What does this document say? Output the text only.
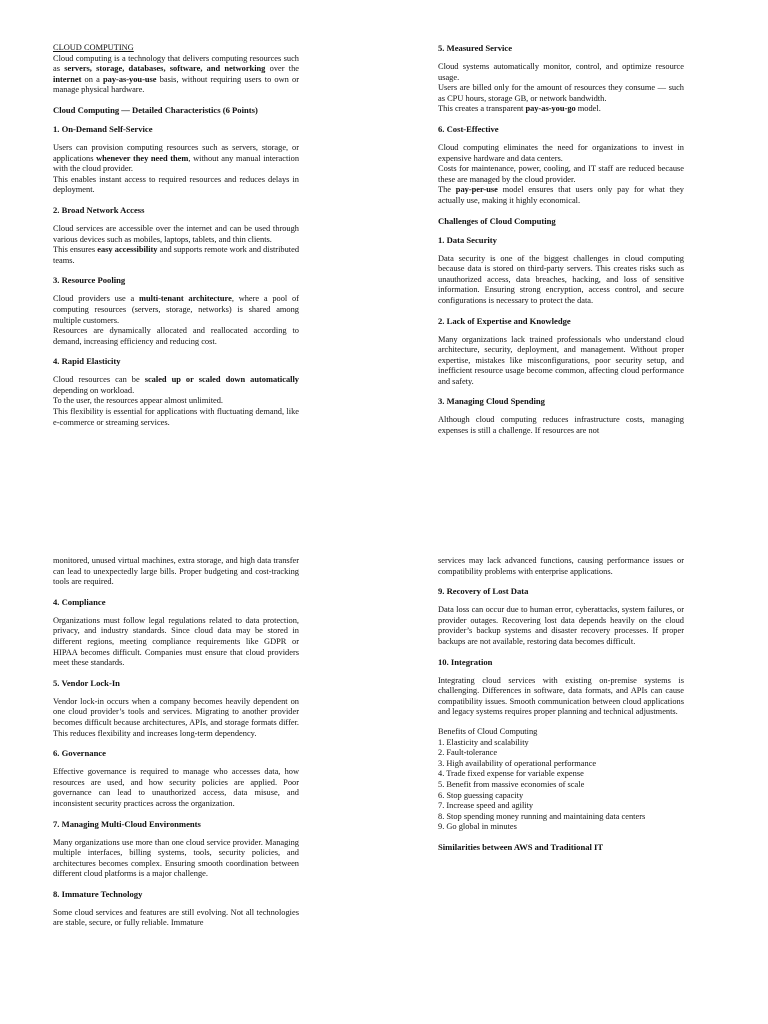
CLOUD COMPUTING

Cloud computing is a technology that delivers computing resources such as servers, storage, databases, software, and networking over the internet on a pay-as-you-use basis, without requiring users to own or manage physical hardware.

Cloud Computing — Detailed Characteristics (6 Points)
1. On-Demand Self-Service

Users can provision computing resources such as servers, storage, or applications whenever they need them, without any manual interaction with the cloud provider.

This enables instant access to required resources and reduces delays in deployment.

2. Broad Network Access

Cloud services are accessible over the internet and can be used through various devices such as mobiles, laptops, tablets, and thin clients.

This ensures easy accessibility and supports remote work and distributed teams.

3. Resource Pooling

Cloud providers use a multi-tenant architecture, where a pool of computing resources (servers, storage, networks) is shared among multiple customers.

Resources are dynamically allocated and reallocated according to demand, increasing efficiency and reducing cost.

4. Rapid Elasticity

Cloud resources can be scaled up or scaled down automatically depending on workload.

To the user, the resources appear almost unlimited.

This flexibility is essential for applications with fluctuating demand, like e-commerce or streaming services.

5. Measured Service

Cloud systems automatically monitor, control, and optimize resource usage.

Users are billed only for the amount of resources they consume — such as CPU hours, storage GB, or network bandwidth.

This creates a transparent pay-as-you-go model.

6. Cost-Effective

Cloud computing eliminates the need for organizations to invest in expensive hardware and data centers.

Costs for maintenance, power, cooling, and IT staff are reduced because these are managed by the cloud provider.

The pay-per-use model ensures that users only pay for what they actually use, making it highly economical.

Challenges of Cloud Computing
1. Data Security

Data security is one of the biggest challenges in cloud computing because data is stored on third-party servers. This creates risks such as unauthorized access, data breaches, hacking, and loss of sensitive information. Ensuring strong encryption, access control, and secure configurations is necessary to protect the data.

2. Lack of Expertise and Knowledge

Many organizations lack trained professionals who understand cloud architecture, security, deployment, and management. Without proper expertise, mistakes like misconfigurations, poor security setup, and inefficient resource usage become common, affecting cloud performance and safety.

3. Managing Cloud Spending

Although cloud computing reduces infrastructure costs, managing expenses is still a challenge. If resources are not

monitored, unused virtual machines, extra storage, and high data transfer can lead to unexpectedly large bills. Proper budgeting and cost-tracking tools are required.

4. Compliance

Organizations must follow legal regulations related to data protection, privacy, and industry standards. Since cloud data may be stored in different regions, meeting compliance requirements like GDPR or HIPAA becomes difficult. Companies must ensure that cloud providers meet these standards.

5. Vendor Lock-In

Vendor lock-in occurs when a company becomes heavily dependent on one cloud provider’s tools and services. Migrating to another provider becomes difficult because architectures, APIs, and storage formats differ. This reduces flexibility and increases long-term dependency.

6. Governance

Effective governance is required to manage who accesses data, how resources are used, and how security policies are applied. Poor governance can lead to unauthorized access, data misuse, and inconsistent security practices across the organization.

7. Managing Multi-Cloud Environments

Many organizations use more than one cloud service provider. Managing multiple interfaces, billing systems, tools, security policies, and architectures becomes complex. Ensuring smooth coordination between different cloud platforms is a major challenge.

8. Immature Technology

Some cloud services and features are still evolving. Not all technologies are stable, secure, or fully reliable. Immature

services may lack advanced functions, causing performance issues or compatibility problems with enterprise applications.

9. Recovery of Lost Data

Data loss can occur due to human error, cyberattacks, system failures, or provider outages. Recovering lost data depends heavily on the cloud provider’s backup systems and disaster recovery processes. If proper backups are not available, restoring data becomes difficult.

10. Integration

Integrating cloud services with existing on-premise systems is challenging. Differences in software, data formats, and APIs can cause compatibility issues. Smooth communication between cloud applications and legacy systems requires proper planning and technical adjustments.

Benefits of Cloud Computing

1. Elasticity and scalability
2. Fault-tolerance
3. High availability of operational performance
4. Trade fixed expense for variable expense
5. Benefit from massive economies of scale
6. Stop guessing capacity
7. Increase speed and agility
8. Stop spending money running and maintaining data centers
9. Go global in minutes
Similarities between AWS and Traditional IT
